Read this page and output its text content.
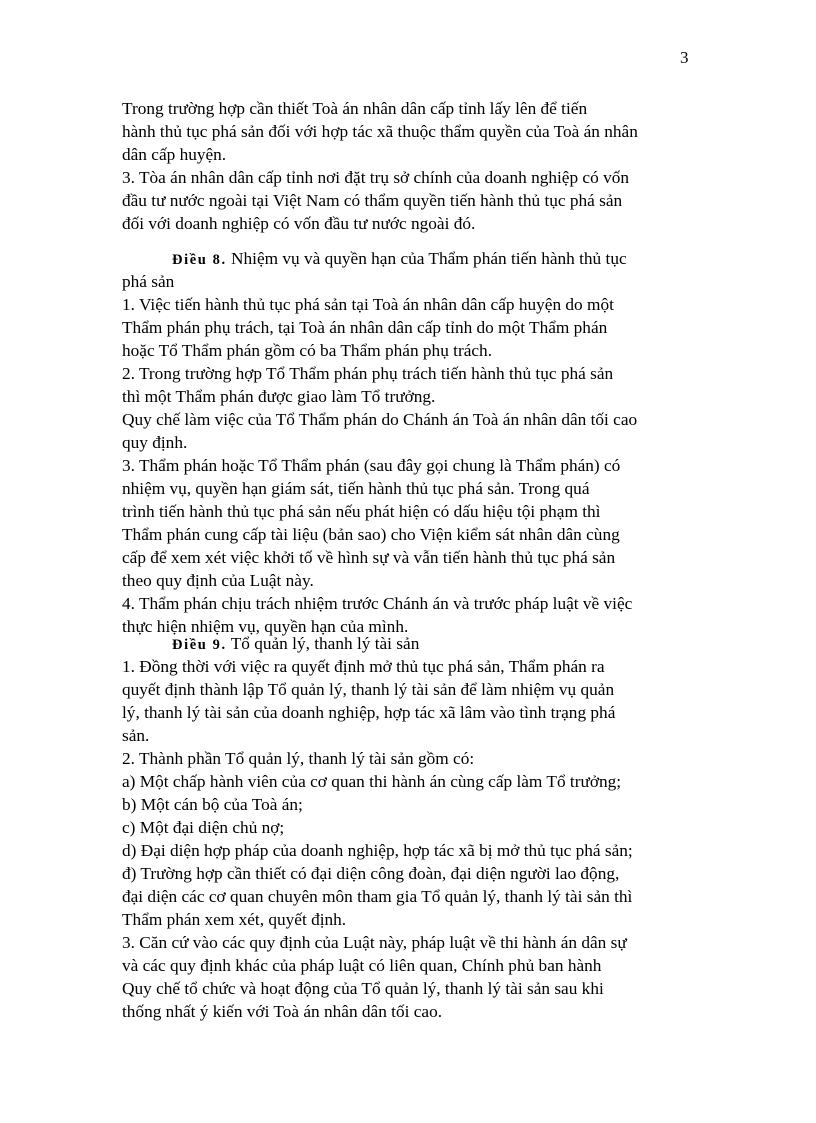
3
Trong trường hợp cần thiết Toà án nhân dân cấp tỉnh lấy lên để tiến
hành thủ tục phá sản đối với hợp tác xã thuộc thẩm quyền của Toà án nhân
dân cấp huyện.
3. Tòa án nhân dân cấp tỉnh nơi đặt trụ sở chính của doanh nghiệp có vốn
đầu tư nước ngoài tại Việt Nam có thẩm quyền tiến hành thủ tục phá sản
đối với doanh nghiệp có vốn đầu tư nước ngoài đó.
Điều 8. Nhiệm vụ và quyền hạn của Thẩm phán tiến hành thủ tục
phá sản
1. Việc tiến hành thủ tục phá sản tại Toà án nhân dân cấp huyện do một
Thẩm phán phụ trách, tại Toà án nhân dân cấp tỉnh do một Thẩm phán
hoặc Tổ Thẩm phán gồm có ba Thẩm phán phụ trách.
2. Trong trường hợp Tổ Thẩm phán phụ trách tiến hành thủ tục phá sản
thì một Thẩm phán được giao làm Tổ trưởng.
Quy chế làm việc của Tổ Thẩm phán do Chánh án Toà án nhân dân tối cao
quy định.
3. Thẩm phán hoặc Tổ Thẩm phán (sau đây gọi chung là Thẩm phán) có
nhiệm vụ, quyền hạn giám sát, tiến hành thủ tục phá sản. Trong quá
trình tiến hành thủ tục phá sản nếu phát hiện có dấu hiệu tội phạm thì
Thẩm phán cung cấp tài liệu (bản sao) cho Viện kiểm sát nhân dân cùng
cấp để xem xét việc khởi tố về hình sự và vẫn tiến hành thủ tục phá sản
theo quy định của Luật này.
4. Thẩm phán chịu trách nhiệm trước Chánh án và trước pháp luật về việc
thực hiện nhiệm vụ, quyền hạn của mình.
Điều 9. Tổ quản lý, thanh lý tài sản
1. Đồng thời với việc ra quyết định mở thủ tục phá sản, Thẩm phán ra
quyết định thành lập Tổ quản lý, thanh lý tài sản để làm nhiệm vụ quản
lý, thanh lý tài sản của doanh nghiệp, hợp tác xã lâm vào tình trạng phá
sản.
2. Thành phần Tổ quản lý, thanh lý tài sản gồm có:
a) Một chấp hành viên của cơ quan thi hành án cùng cấp làm Tổ trưởng;
b) Một cán bộ của Toà án;
c) Một đại diện chủ nợ;
d) Đại diện hợp pháp của doanh nghiệp, hợp tác xã bị mở thủ tục phá sản;
đ) Trường hợp cần thiết có đại diện công đoàn, đại diện người lao động,
đại diện các cơ quan chuyên môn tham gia Tổ quản lý, thanh lý tài sản thì
Thẩm phán xem xét, quyết định.
3. Căn cứ vào các quy định của Luật này, pháp luật về thi hành án dân sự
và các quy định khác của pháp luật có liên quan, Chính phủ ban hành
Quy chế tổ chức và hoạt động của Tổ quản lý, thanh lý tài sản sau khi
thống nhất ý kiến với Toà án nhân dân tối cao.
